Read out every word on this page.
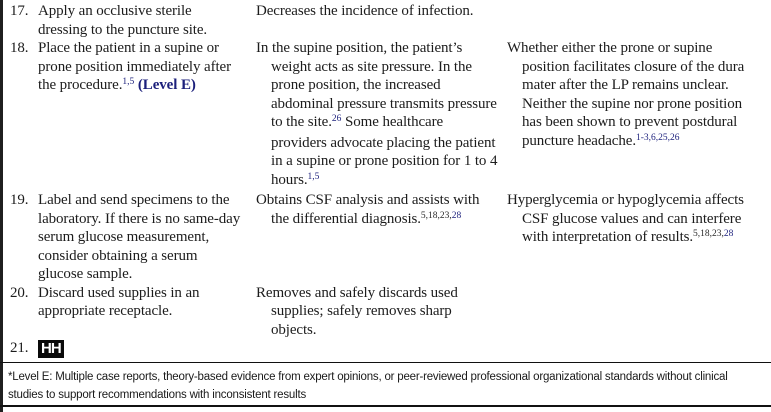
17. Apply an occlusive sterile dressing to the puncture site.
Decreases the incidence of infection.
18. Place the patient in a supine or prone position immediately after the procedure.$^{1,5}$ (Level E)
In the supine position, the patient’s weight acts as site pressure. In the prone position, the increased abdominal pressure transmits pressure to the site.$^{26}$ Some healthcare providers advocate placing the patient in a supine or prone position for 1 to 4 hours.$^{1,5}$
Whether either the prone or supine position facilitates closure of the dura mater after the LP remains unclear. Neither the supine nor prone position has been shown to prevent postdural puncture headache.$^{1-3,6,25,26}$
19. Label and send specimens to the laboratory. If there is no same-day serum glucose measurement, consider obtaining a serum glucose sample.
Obtains CSF analysis and assists with the differential diagnosis.$^{5,18,23,28}$
Hyperglycemia or hypoglycemia affects CSF glucose values and can interfere with interpretation of results.$^{5,18,23,28}$
20. Discard used supplies in an appropriate receptacle.
Removes and safely discards used supplies; safely removes sharp objects.
21. HH
*Level E: Multiple case reports, theory-based evidence from expert opinions, or peer-reviewed professional organizational standards without clinical studies to support recommendations with inconsistent results
